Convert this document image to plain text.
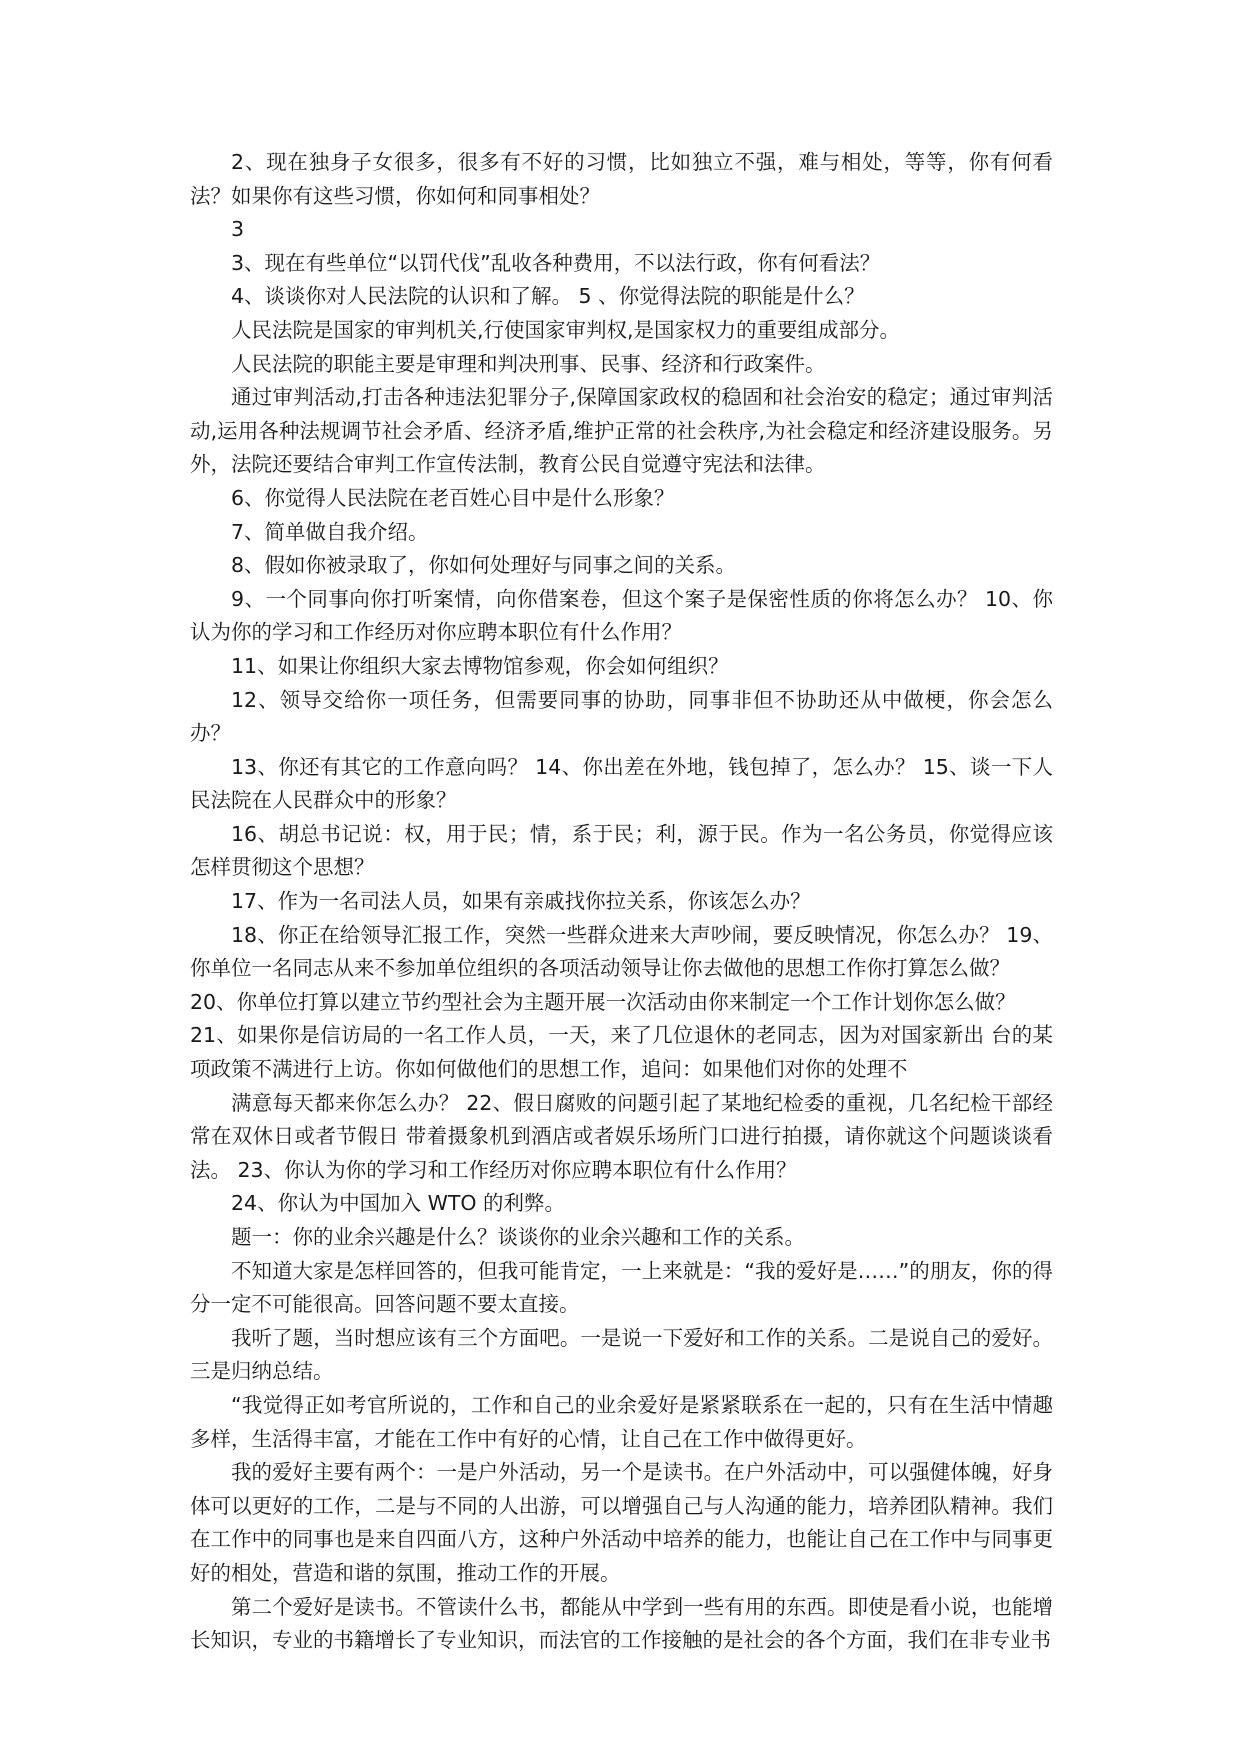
2、现在独身子女很多，很多有不好的习惯，比如独立不强，难与相处，等等，你有何看法？如果你有这些习惯，你如何和同事相处？

3

3、现在有些单位“以罚代伐”乱收各种费用，不以法行政，你有何看法？

4、谈谈你对人民法院的认识和了解。 5 、你觉得法院的职能是什么？

人民法院是国家的审判机关,行使国家审判权,是国家权力的重要组成部分。

人民法院的职能主要是审理和判决刑事、民事、经济和行政案件。

通过审判活动,打击各种违法犯罪分子,保障国家政权的稳固和社会治安的稳定；通过审判活动,运用各种法规调节社会矛盾、经济矛盾,维护正常的社会秩序,为社会稳定和经济建设服务。另外，法院还要结合审判工作宣传法制，教育公民自觉遵守宪法和法律。

6、你觉得人民法院在老百姓心目中是什么形象？

7、简单做自我介绍。

8、假如你被录取了，你如何处理好与同事之间的关系。

9、一个同事向你打听案情，向你借案卷，但这个案子是保密性质的你将怎么办？ 10、你认为你的学习和工作经历对你应聘本职位有什么作用？

11、如果让你组织大家去博物馆参观，你会如何组织？

12、领导交给你一项任务，但需要同事的协助，同事非但不协助还从中做梗，你会怎么办？

13、你还有其它的工作意向吗？ 14、你出差在外地，钱包掉了，怎么办？ 15、谈一下人民法院在人民群众中的形象？

16、胡总书记说：权，用于民；情，系于民；利，源于民。作为一名公务员，你觉得应该怎样贯彻这个思想？

17、作为一名司法人员，如果有亲戚找你拉关系，你该怎么办？

18、你正在给领导汇报工作，突然一些群众进来大声吵闹，要反映情况，你怎么办？ 19、你单位一名同志从来不参加单位组织的各项活动领导让你去做他的思想工作你打算怎么做？

20、你单位打算以建立节约型社会为主题开展一次活动由你来制定一个工作计划你怎么做？

21、如果你是信访局的一名工作人员，一天，来了几位退休的老同志，因为对国家新出 台的某项政策不满进行上访。你如何做他们的思想工作，追问：如果他们对你的处理不

满意每天都来你怎么办？ 22、假日腐败的问题引起了某地纪检委的重视，几名纪检干部经常在双休日或者节假日 带着摄象机到酒店或者娱乐场所门口进行拍摄，请你就这个问题谈谈看法。 23、你认为你的学习和工作经历对你应聘本职位有什么作用？

24、你认为中国加入 WTO 的利弊。

题一：你的业余兴趣是什么？谈谈你的业余兴趣和工作的关系。

不知道大家是怎样回答的，但我可能肯定，一上来就是：“我的爱好是……”的朋友，你的得分一定不可能很高。回答问题不要太直接。

我听了题，当时想应该有三个方面吧。一是说一下爱好和工作的关系。二是说自己的爱好。三是归纳总结。

“我觉得正如考官所说的，工作和自己的业余爱好是紧紧联系在一起的，只有在生活中情趣多样，生活得丰富，才能在工作中有好的心情，让自己在工作中做得更好。

我的爱好主要有两个：一是户外活动，另一个是读书。在户外活动中，可以强健体魄，好身体可以更好的工作，二是与不同的人出游，可以增强自己与人沟通的能力，培养团队精神。我们在工作中的同事也是来自四面八方，这种户外活动中培养的能力，也能让自己在工作中与同事更好的相处，营造和谐的氛围，推动工作的开展。

第二个爱好是读书。不管读什么书，都能从中学到一些有用的东西。即使是看小说，也能增长知识，专业的书籍增长了专业知识，而法官的工作接触的是社会的各个方面，我们在非专业书
